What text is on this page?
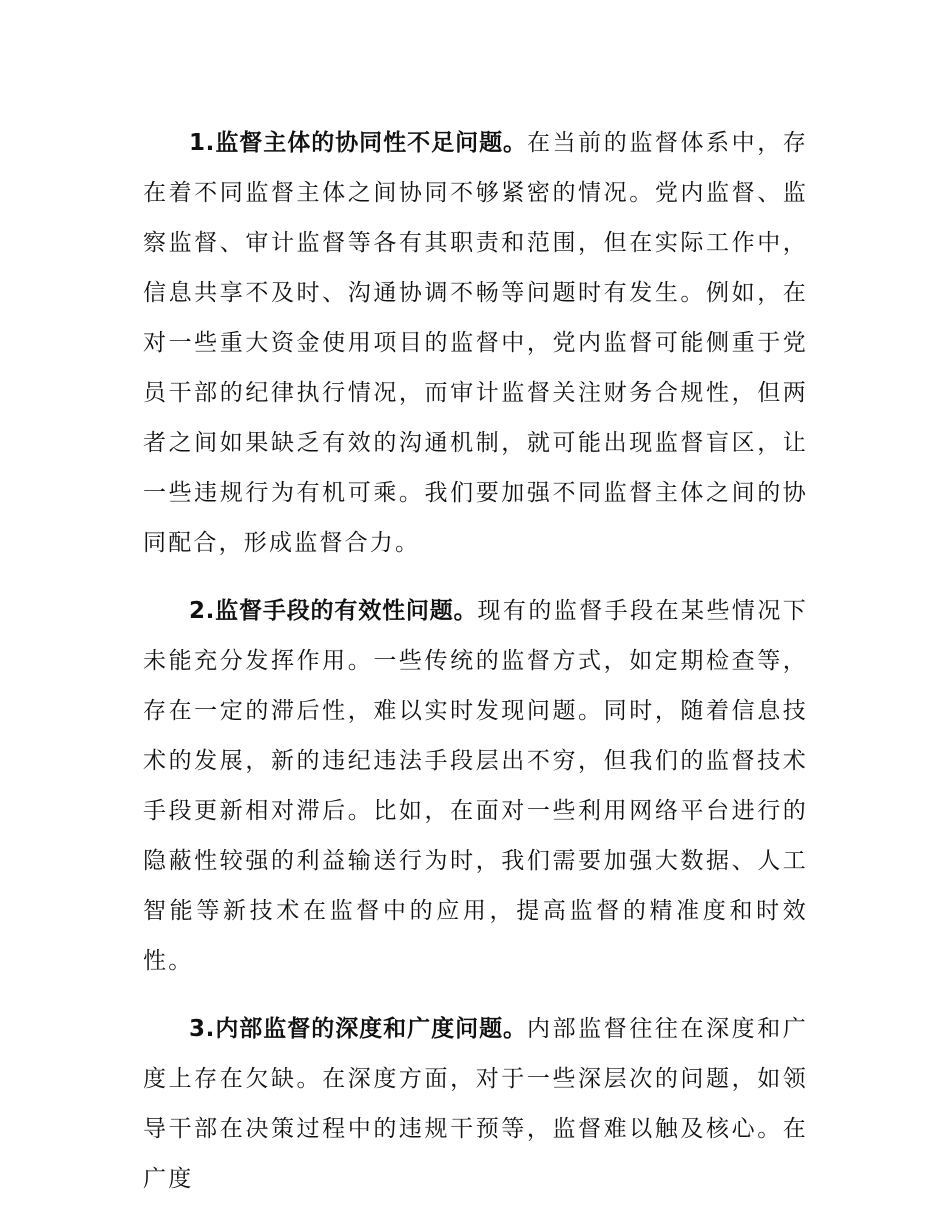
1.监督主体的协同性不足问题。在当前的监督体系中，存在着不同监督主体之间协同不够紧密的情况。党内监督、监察监督、审计监督等各有其职责和范围，但在实际工作中，信息共享不及时、沟通协调不畅等问题时有发生。例如，在对一些重大资金使用项目的监督中，党内监督可能侧重于党员干部的纪律执行情况，而审计监督关注财务合规性，但两者之间如果缺乏有效的沟通机制，就可能出现监督盲区，让一些违规行为有机可乘。我们要加强不同监督主体之间的协同配合，形成监督合力。

2.监督手段的有效性问题。现有的监督手段在某些情况下未能充分发挥作用。一些传统的监督方式，如定期检查等，存在一定的滞后性，难以实时发现问题。同时，随着信息技术的发展，新的违纪违法手段层出不穷，但我们的监督技术手段更新相对滞后。比如，在面对一些利用网络平台进行的隐蔽性较强的利益输送行为时，我们需要加强大数据、人工智能等新技术在监督中的应用，提高监督的精准度和时效性。

3.内部监督的深度和广度问题。内部监督往往在深度和广度上存在欠缺。在深度方面，对于一些深层次的问题，如领导干部在决策过程中的违规干预等，监督难以触及核心。在广度
